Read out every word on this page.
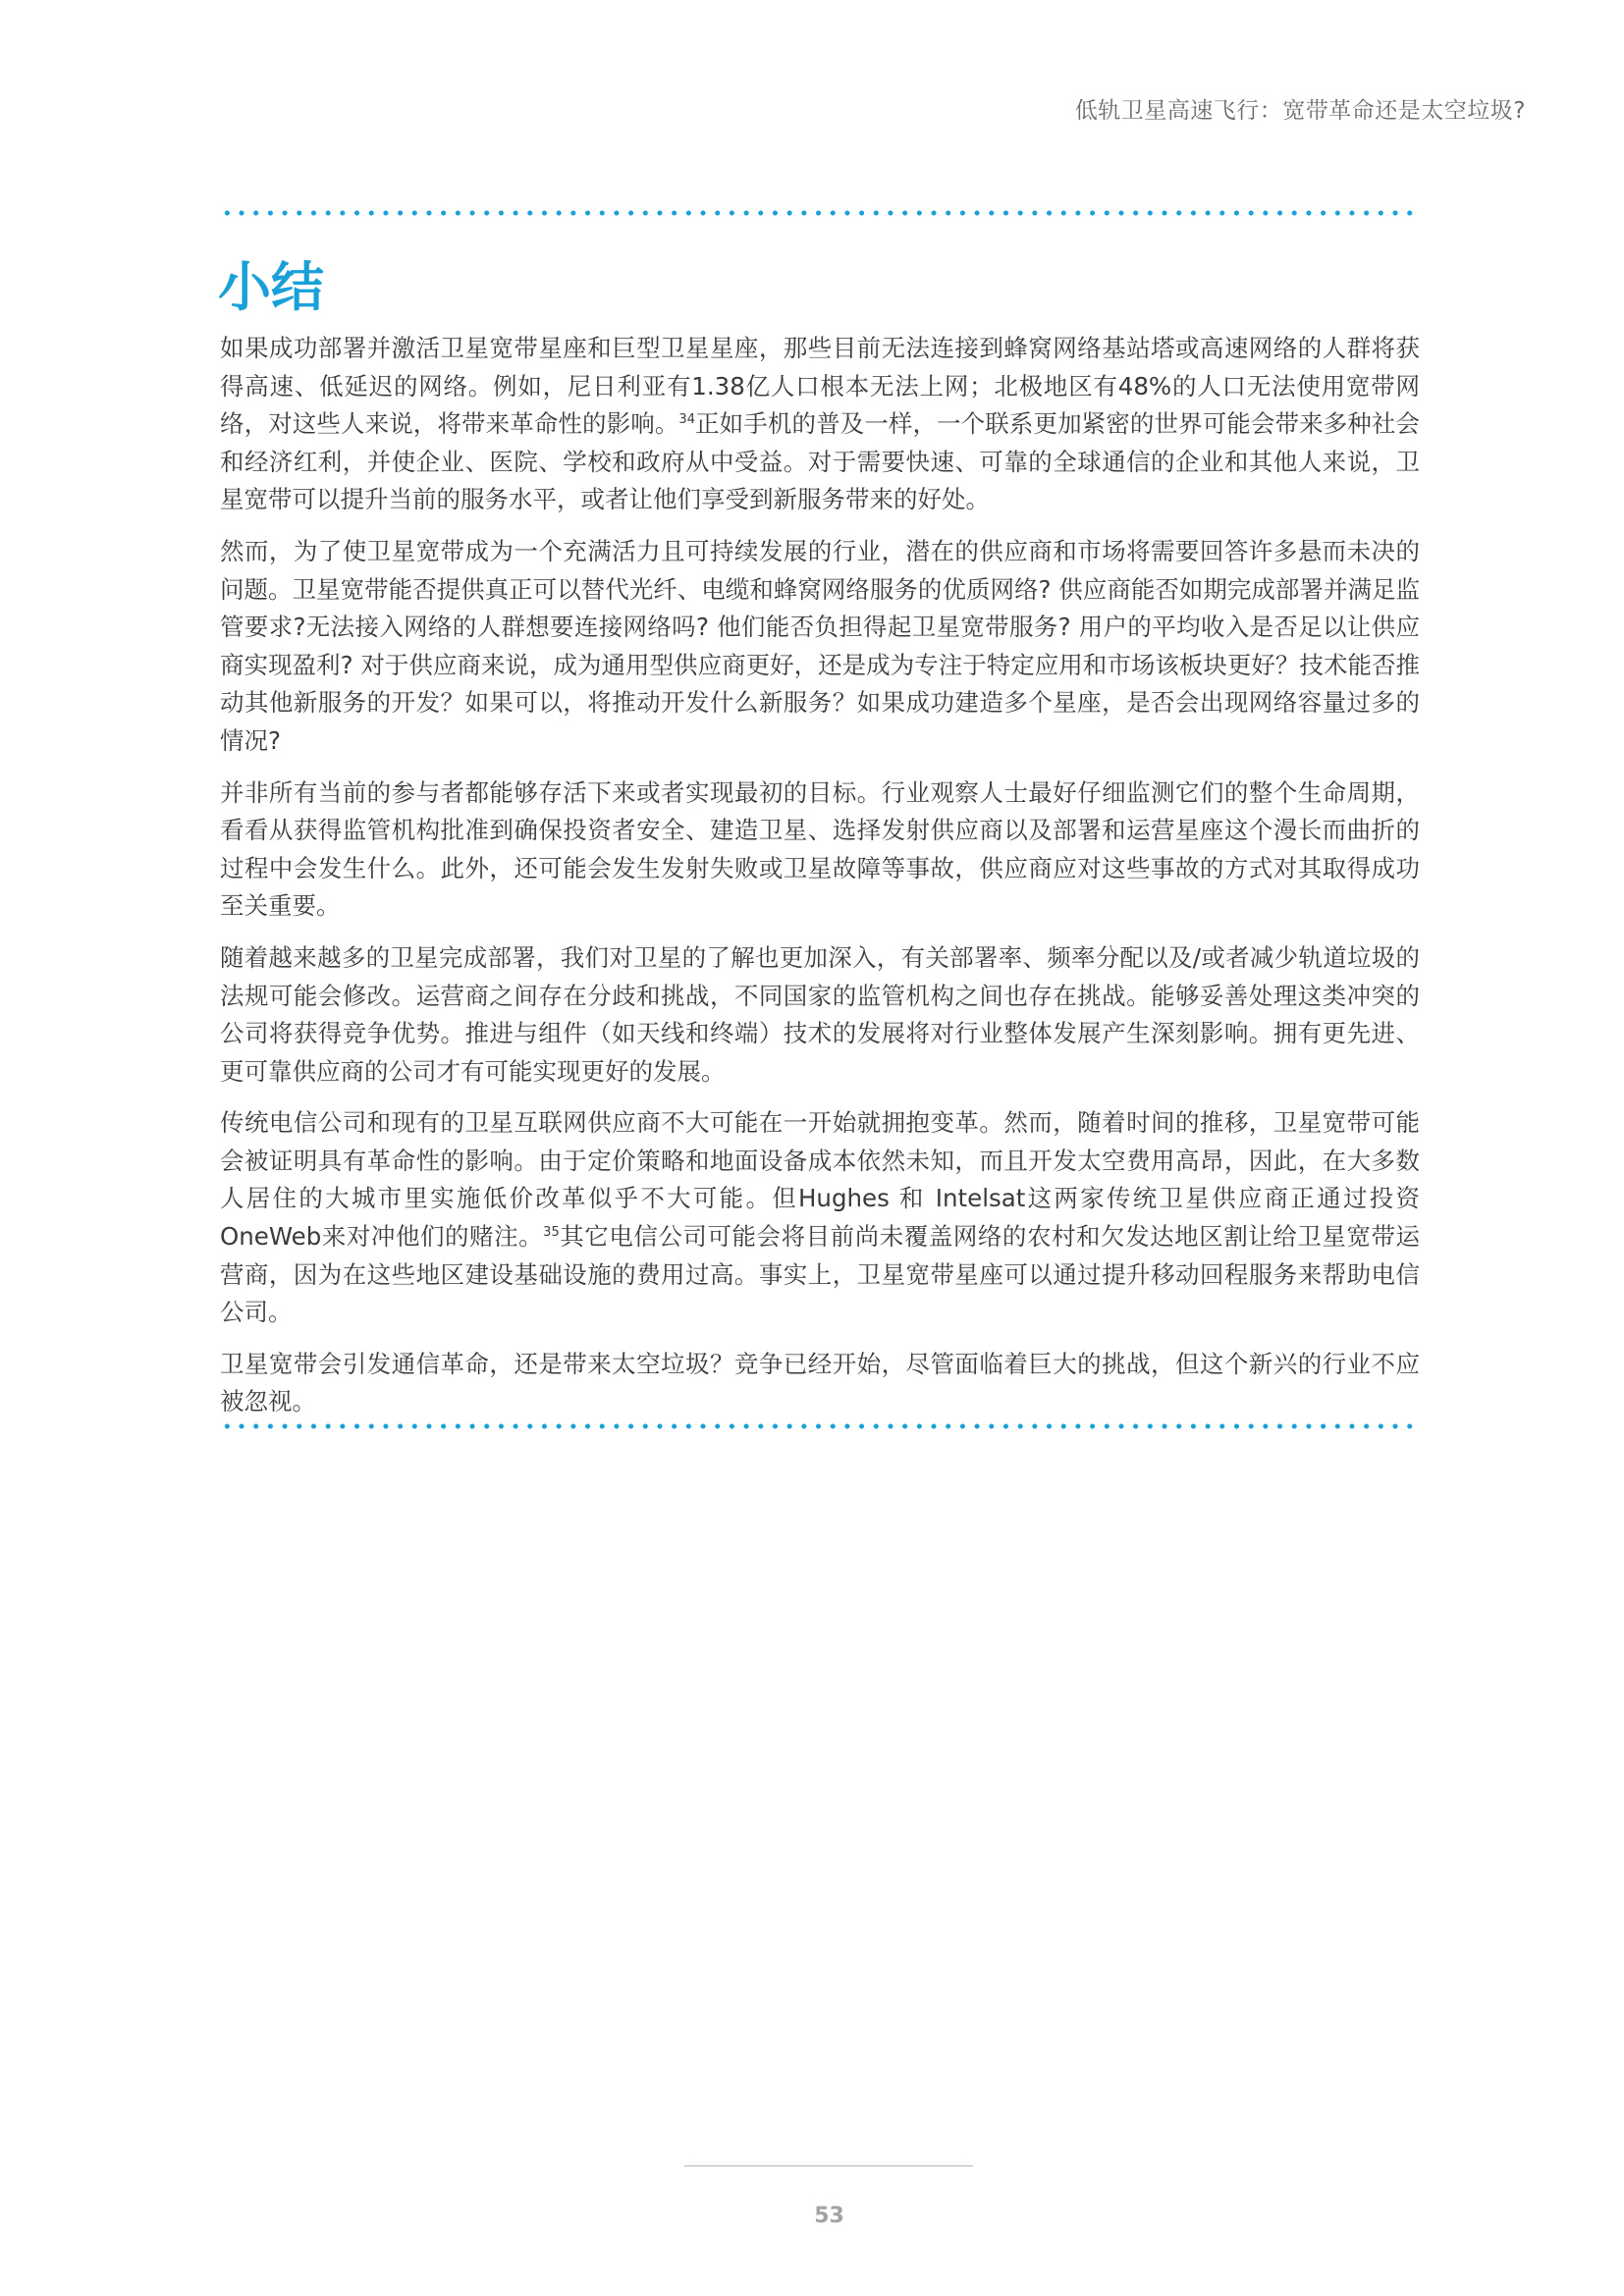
低轨卫星高速飞行：宽带革命还是太空垃圾?
小结

如果成功部署并激活卫星宽带星座和巨型卫星星座，那些目前无法连接到蜂窝网络基站塔或高速网络的人群将获得高速、低延迟的网络。例如，尼日利亚有1.38亿人口根本无法上网；北极地区有48%的人口无法使用宽带网络，对这些人来说，将带来革命性的影响。$^{34}$正如手机的普及一样，一个联系更加紧密的世界可能会带来多种社会和经济红利，并使企业、医院、学校和政府从中受益。对于需要快速、可靠的全球通信的企业和其他人来说，卫星宽带可以提升当前的服务水平，或者让他们享受到新服务带来的好处。

然而，为了使卫星宽带成为一个充满活力且可持续发展的行业，潜在的供应商和市场将需要回答许多悬而未决的问题。卫星宽带能否提供真正可以替代光纤、电缆和蜂窝网络服务的优质网络? 供应商能否如期完成部署并满足监管要求?无法接入网络的人群想要连接网络吗? 他们能否负担得起卫星宽带服务? 用户的平均收入是否足以让供应商实现盈利? 对于供应商来说，成为通用型供应商更好，还是成为专注于特定应用和市场该板块更好？技术能否推动其他新服务的开发？如果可以，将推动开发什么新服务？如果成功建造多个星座，是否会出现网络容量过多的情况?

并非所有当前的参与者都能够存活下来或者实现最初的目标。行业观察人士最好仔细监测它们的整个生命周期，看看从获得监管机构批准到确保投资者安全、建造卫星、选择发射供应商以及部署和运营星座这个漫长而曲折的过程中会发生什么。此外，还可能会发生发射失败或卫星故障等事故，供应商应对这些事故的方式对其取得成功至关重要。

随着越来越多的卫星完成部署，我们对卫星的了解也更加深入，有关部署率、频率分配以及/或者减少轨道垃圾的法规可能会修改。运营商之间存在分歧和挑战，不同国家的监管机构之间也存在挑战。能够妥善处理这类冲突的公司将获得竞争优势。推进与组件（如天线和终端）技术的发展将对行业整体发展产生深刻影响。拥有更先进、更可靠供应商的公司才有可能实现更好的发展。

传统电信公司和现有的卫星互联网供应商不大可能在一开始就拥抱变革。然而，随着时间的推移，卫星宽带可能会被证明具有革命性的影响。由于定价策略和地面设备成本依然未知，而且开发太空费用高昂，因此，在大多数人居住的大城市里实施低价改革似乎不大可能。但Hughes 和 Intelsat这两家传统卫星供应商正通过投资OneWeb来对冲他们的赌注。$^{35}$其它电信公司可能会将目前尚未覆盖网络的农村和欠发达地区割让给卫星宽带运营商，因为在这些地区建设基础设施的费用过高。事实上，卫星宽带星座可以通过提升移动回程服务来帮助电信公司。

卫星宽带会引发通信革命，还是带来太空垃圾？竞争已经开始，尽管面临着巨大的挑战，但这个新兴的行业不应被忽视。

53
